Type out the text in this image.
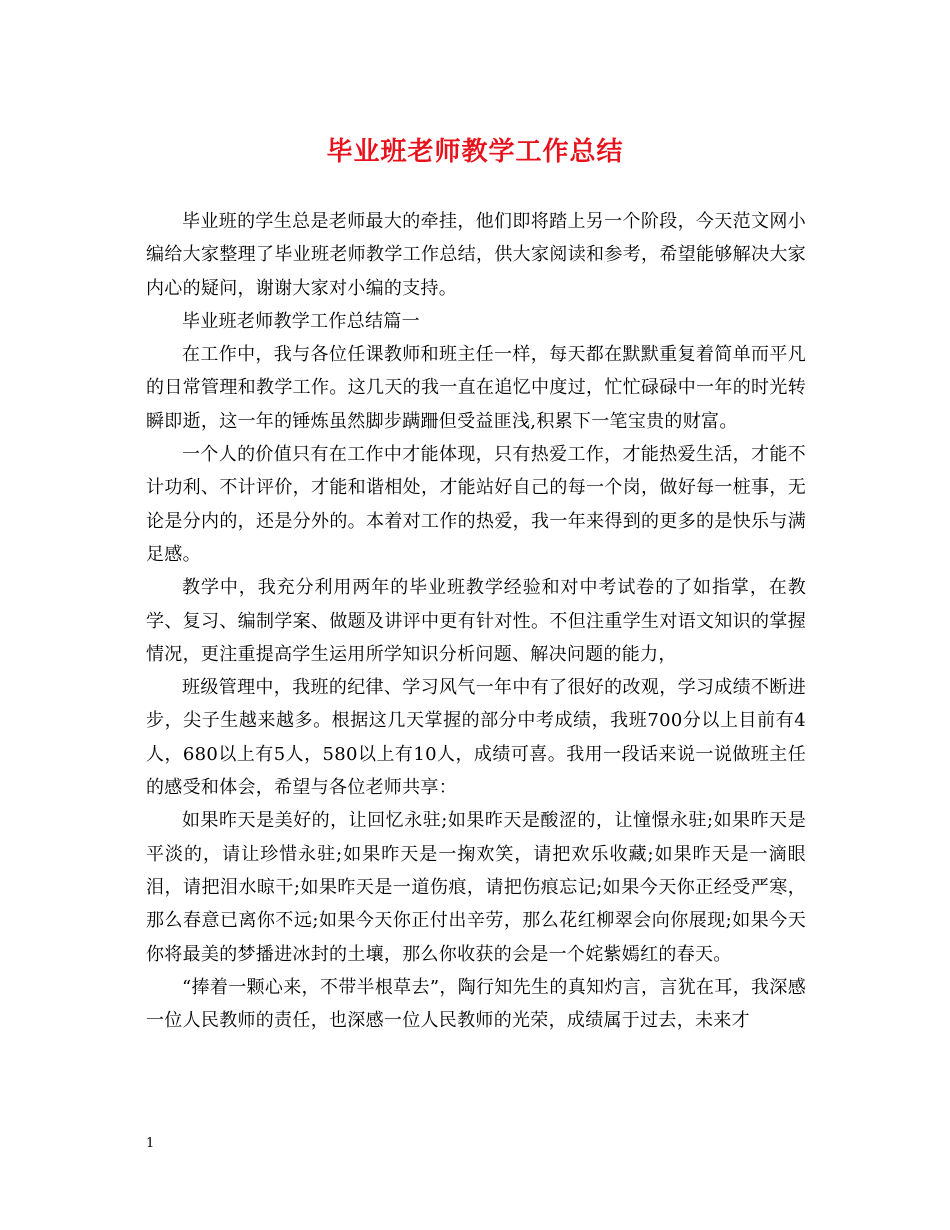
毕业班老师教学工作总结

毕业班的学生总是老师最大的牵挂，他们即将踏上另一个阶段，今天范文网小编给大家整理了毕业班老师教学工作总结，供大家阅读和参考，希望能够解决大家内心的疑问，谢谢大家对小编的支持。

毕业班老师教学工作总结篇一

在工作中，我与各位任课教师和班主任一样，每天都在默默重复着简单而平凡的日常管理和教学工作。这几天的我一直在追忆中度过，忙忙碌碌中一年的时光转瞬即逝，这一年的锤炼虽然脚步蹒跚但受益匪浅,积累下一笔宝贵的财富。

一个人的价值只有在工作中才能体现，只有热爱工作，才能热爱生活，才能不计功利、不计评价，才能和谐相处，才能站好自己的每一个岗，做好每一桩事，无论是分内的，还是分外的。本着对工作的热爱，我一年来得到的更多的是快乐与满足感。

教学中，我充分利用两年的毕业班教学经验和对中考试卷的了如指掌，在教学、复习、编制学案、做题及讲评中更有针对性。不但注重学生对语文知识的掌握情况，更注重提高学生运用所学知识分析问题、解决问题的能力，

班级管理中，我班的纪律、学习风气一年中有了很好的改观，学习成绩不断进步，尖子生越来越多。根据这几天掌握的部分中考成绩，我班700分以上目前有4人，680以上有5人，580以上有10人，成绩可喜。我用一段话来说一说做班主任的感受和体会，希望与各位老师共享：

如果昨天是美好的，让回忆永驻;如果昨天是酸涩的，让憧憬永驻;如果昨天是平淡的，请让珍惜永驻;如果昨天是一掬欢笑，请把欢乐收藏;如果昨天是一滴眼泪，请把泪水晾干;如果昨天是一道伤痕，请把伤痕忘记;如果今天你正经受严寒，那么春意已离你不远;如果今天你正付出辛劳，那么花红柳翠会向你展现;如果今天你将最美的梦播进冰封的土壤，那么你收获的会是一个姹紫嫣红的春天。

“捧着一颗心来，不带半根草去”，陶行知先生的真知灼言，言犹在耳，我深感一位人民教师的责任，也深感一位人民教师的光荣，成绩属于过去，未来才

1
